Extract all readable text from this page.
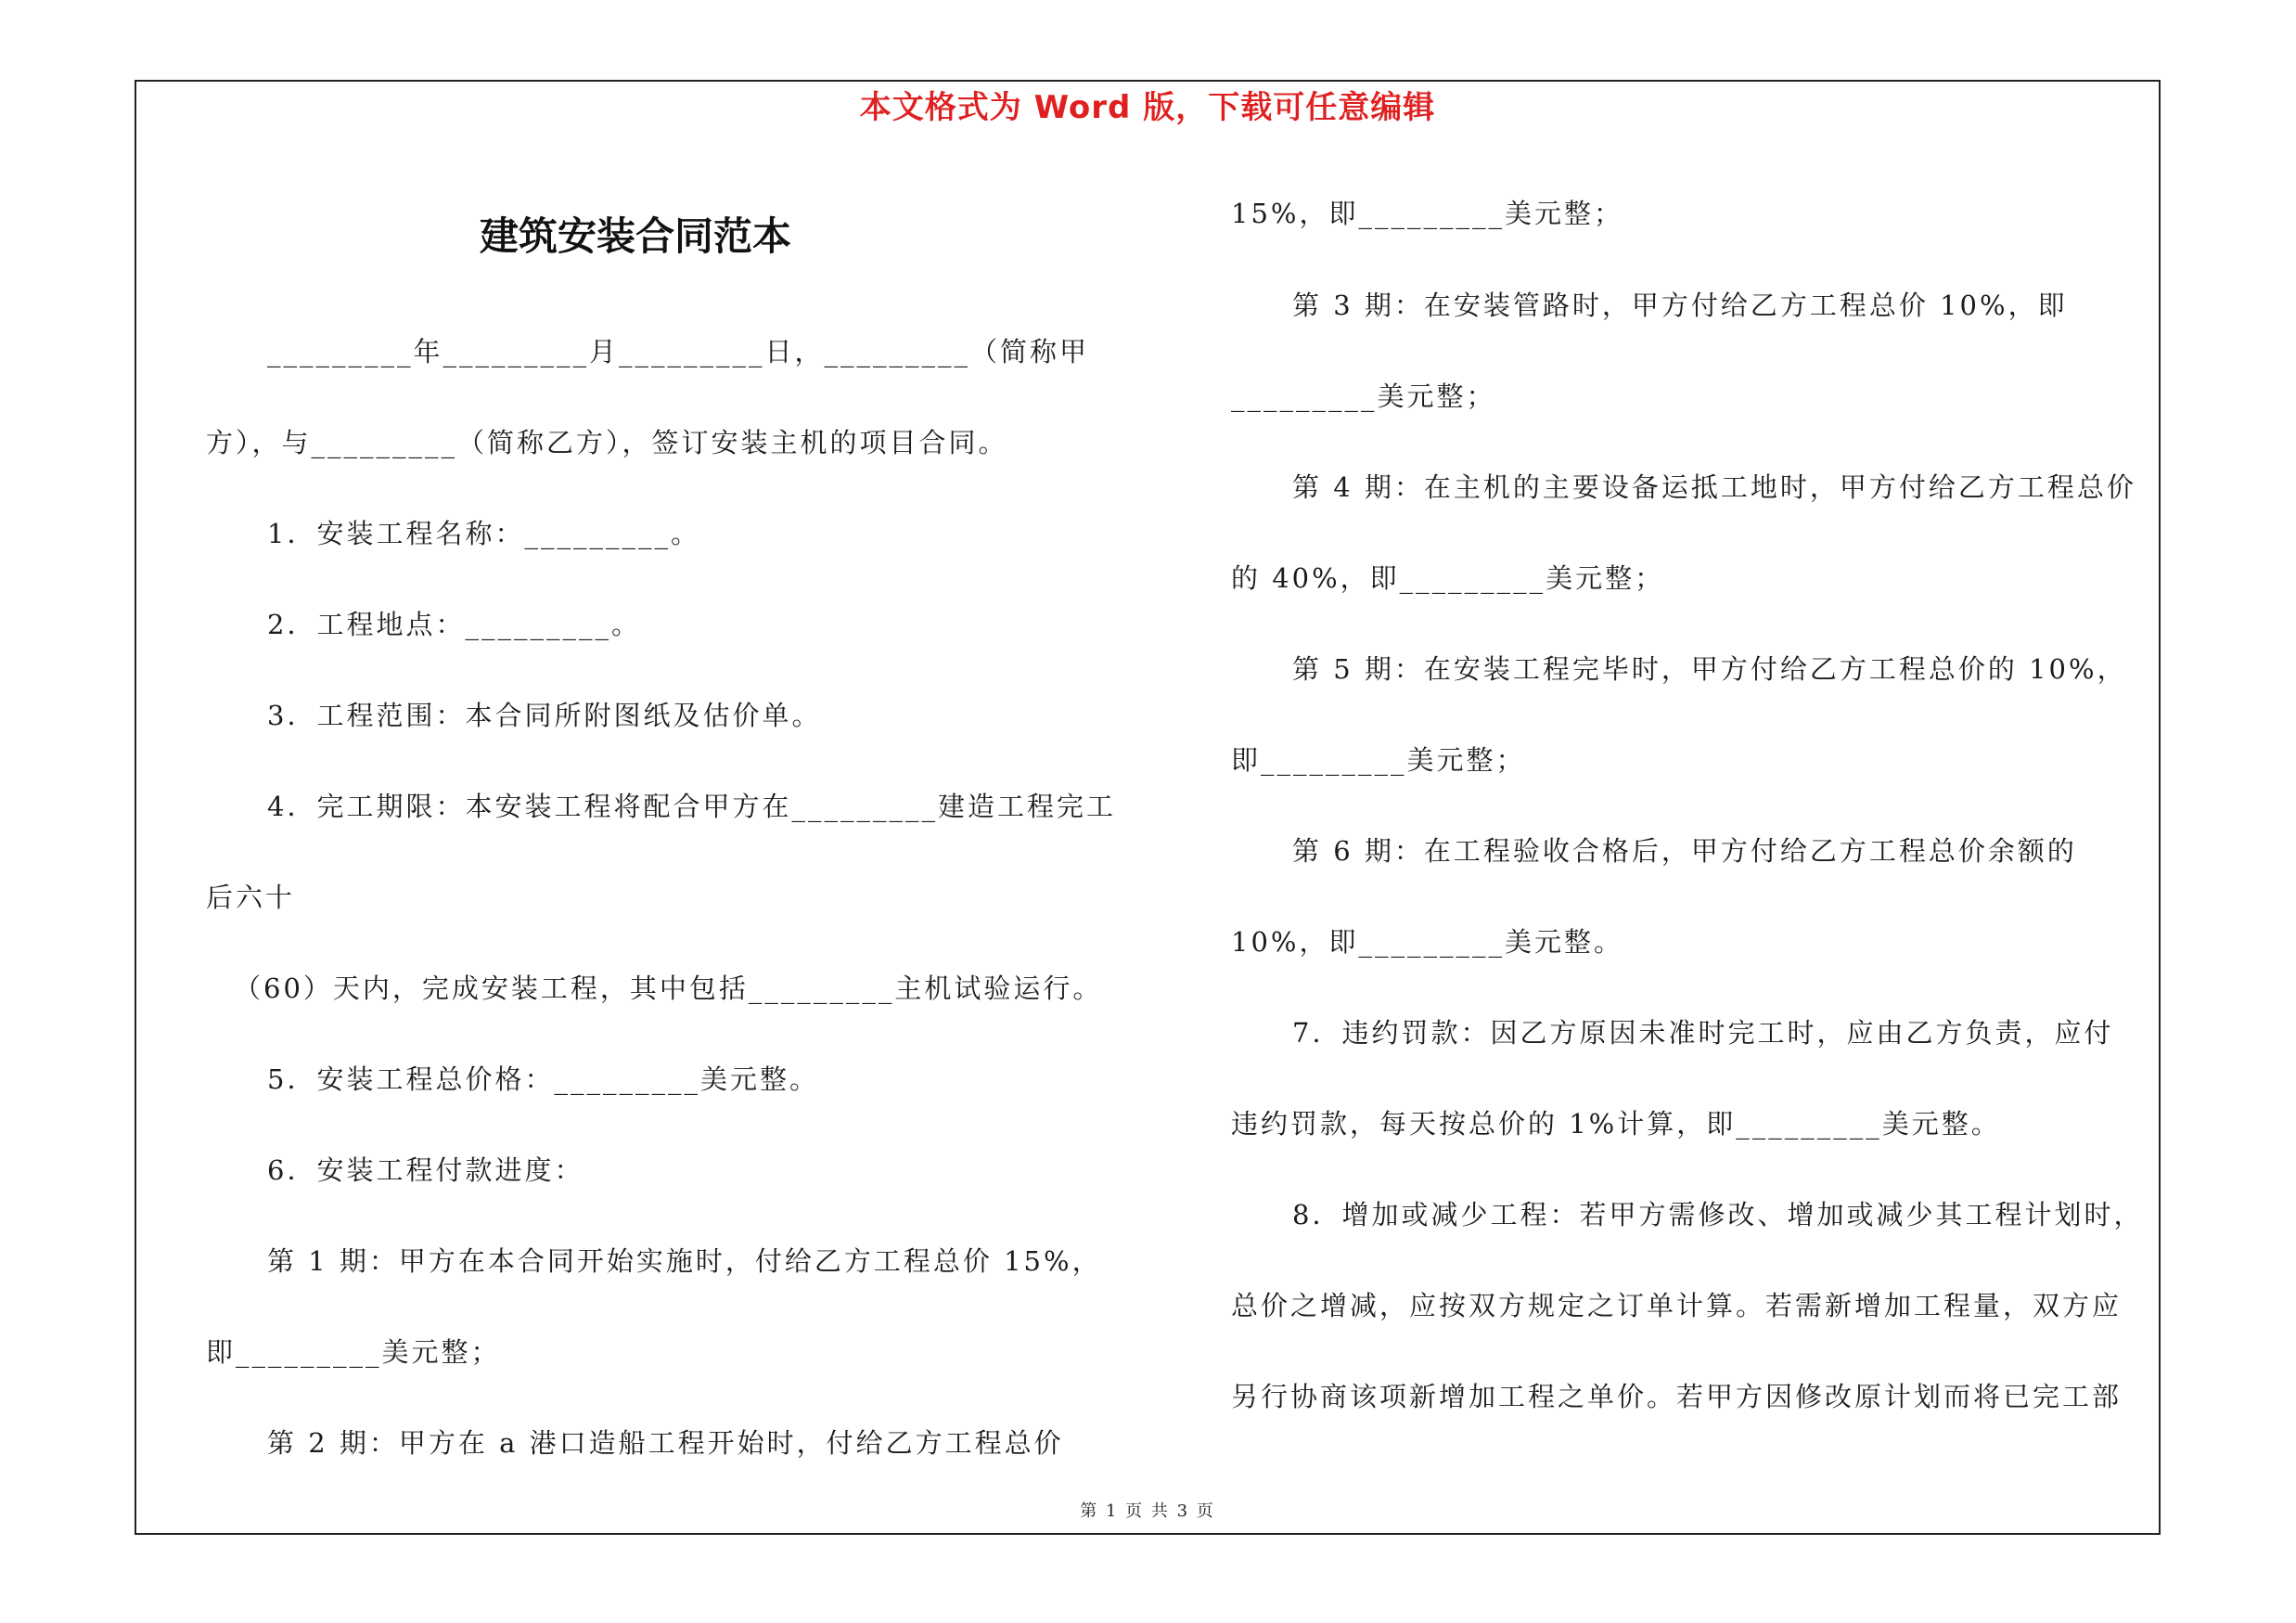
本文格式为 Word 版，下载可任意编辑
建筑安装合同范本
_________年_________月_________日，_________（简称甲
方），与_________（简称乙方），签订安装主机的项目合同。
1．安装工程名称：_________。
2．工程地点：_________。
3．工程范围：本合同所附图纸及估价单。
4．完工期限：本安装工程将配合甲方在_________建造工程完工
后六十
（60）天内，完成安装工程，其中包括_________主机试验运行。
5．安装工程总价格：_________美元整。
6．安装工程付款进度：
第 1 期：甲方在本合同开始实施时，付给乙方工程总价 15%，
即_________美元整；
第 2 期：甲方在 a 港口造船工程开始时，付给乙方工程总价
15%，即_________美元整；
第 3 期：在安装管路时，甲方付给乙方工程总价 10%，即
_________美元整；
第 4 期：在主机的主要设备运抵工地时，甲方付给乙方工程总价
的 40%，即_________美元整；
第 5 期：在安装工程完毕时，甲方付给乙方工程总价的 10%，
即_________美元整；
第 6 期：在工程验收合格后，甲方付给乙方工程总价余额的
10%，即_________美元整。
7．违约罚款：因乙方原因未准时完工时，应由乙方负责，应付
违约罚款，每天按总价的 1%计算，即_________美元整。
8．增加或减少工程：若甲方需修改、增加或减少其工程计划时，
总价之增减，应按双方规定之订单计算。若需新增加工程量，双方应
另行协商该项新增加工程之单价。若甲方因修改原计划而将已完工部
第 1 页 共 3 页
